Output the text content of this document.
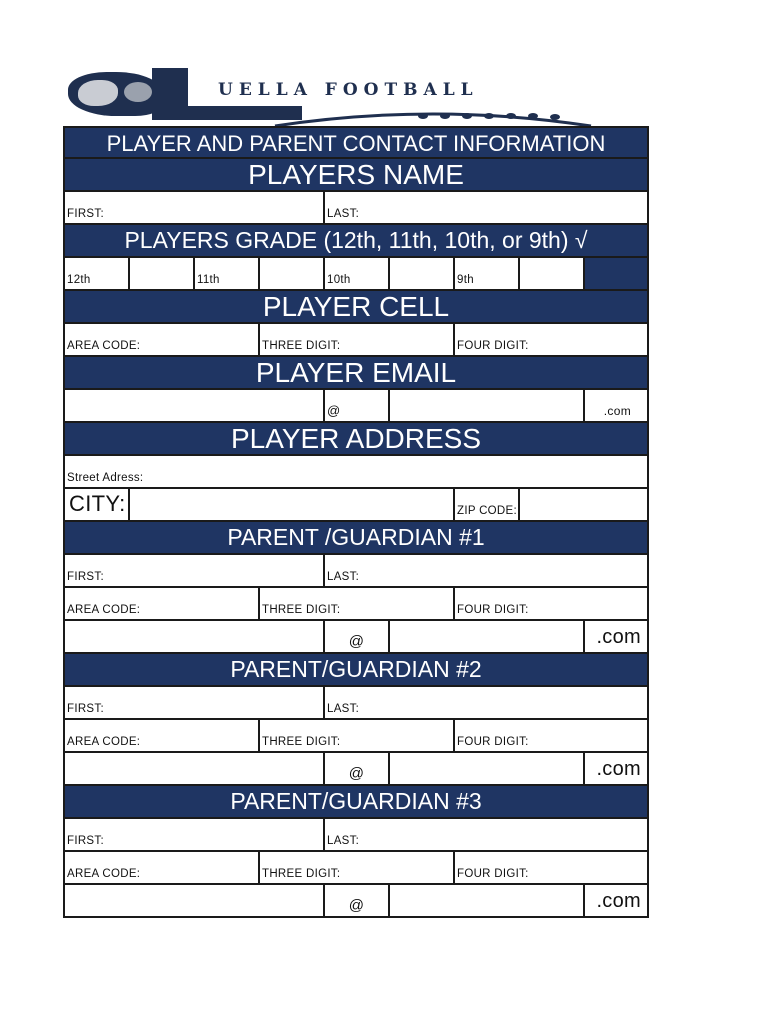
UELLA FOOTBALL
PLAYER AND PARENT CONTACT INFORMATION
PLAYERS NAME
FIRST:	LAST:
PLAYERS GRADE (12th, 11th, 10th, or 9th) √
12th	11th	10th	9th
PLAYER CELL
AREA CODE:	THREE DIGIT:	FOUR DIGIT:
PLAYER EMAIL
@	.com
PLAYER ADDRESS
Street Adress:
CITY:	ZIP CODE:
PARENT /GUARDIAN #1
FIRST:	LAST:
AREA CODE:	THREE DIGIT:	FOUR DIGIT:
@	.com
PARENT/GUARDIAN #2
FIRST:	LAST:
AREA CODE:	THREE DIGIT:	FOUR DIGIT:
@	.com
PARENT/GUARDIAN #3
FIRST:	LAST:
AREA CODE:	THREE DIGIT:	FOUR DIGIT:
@	.com
